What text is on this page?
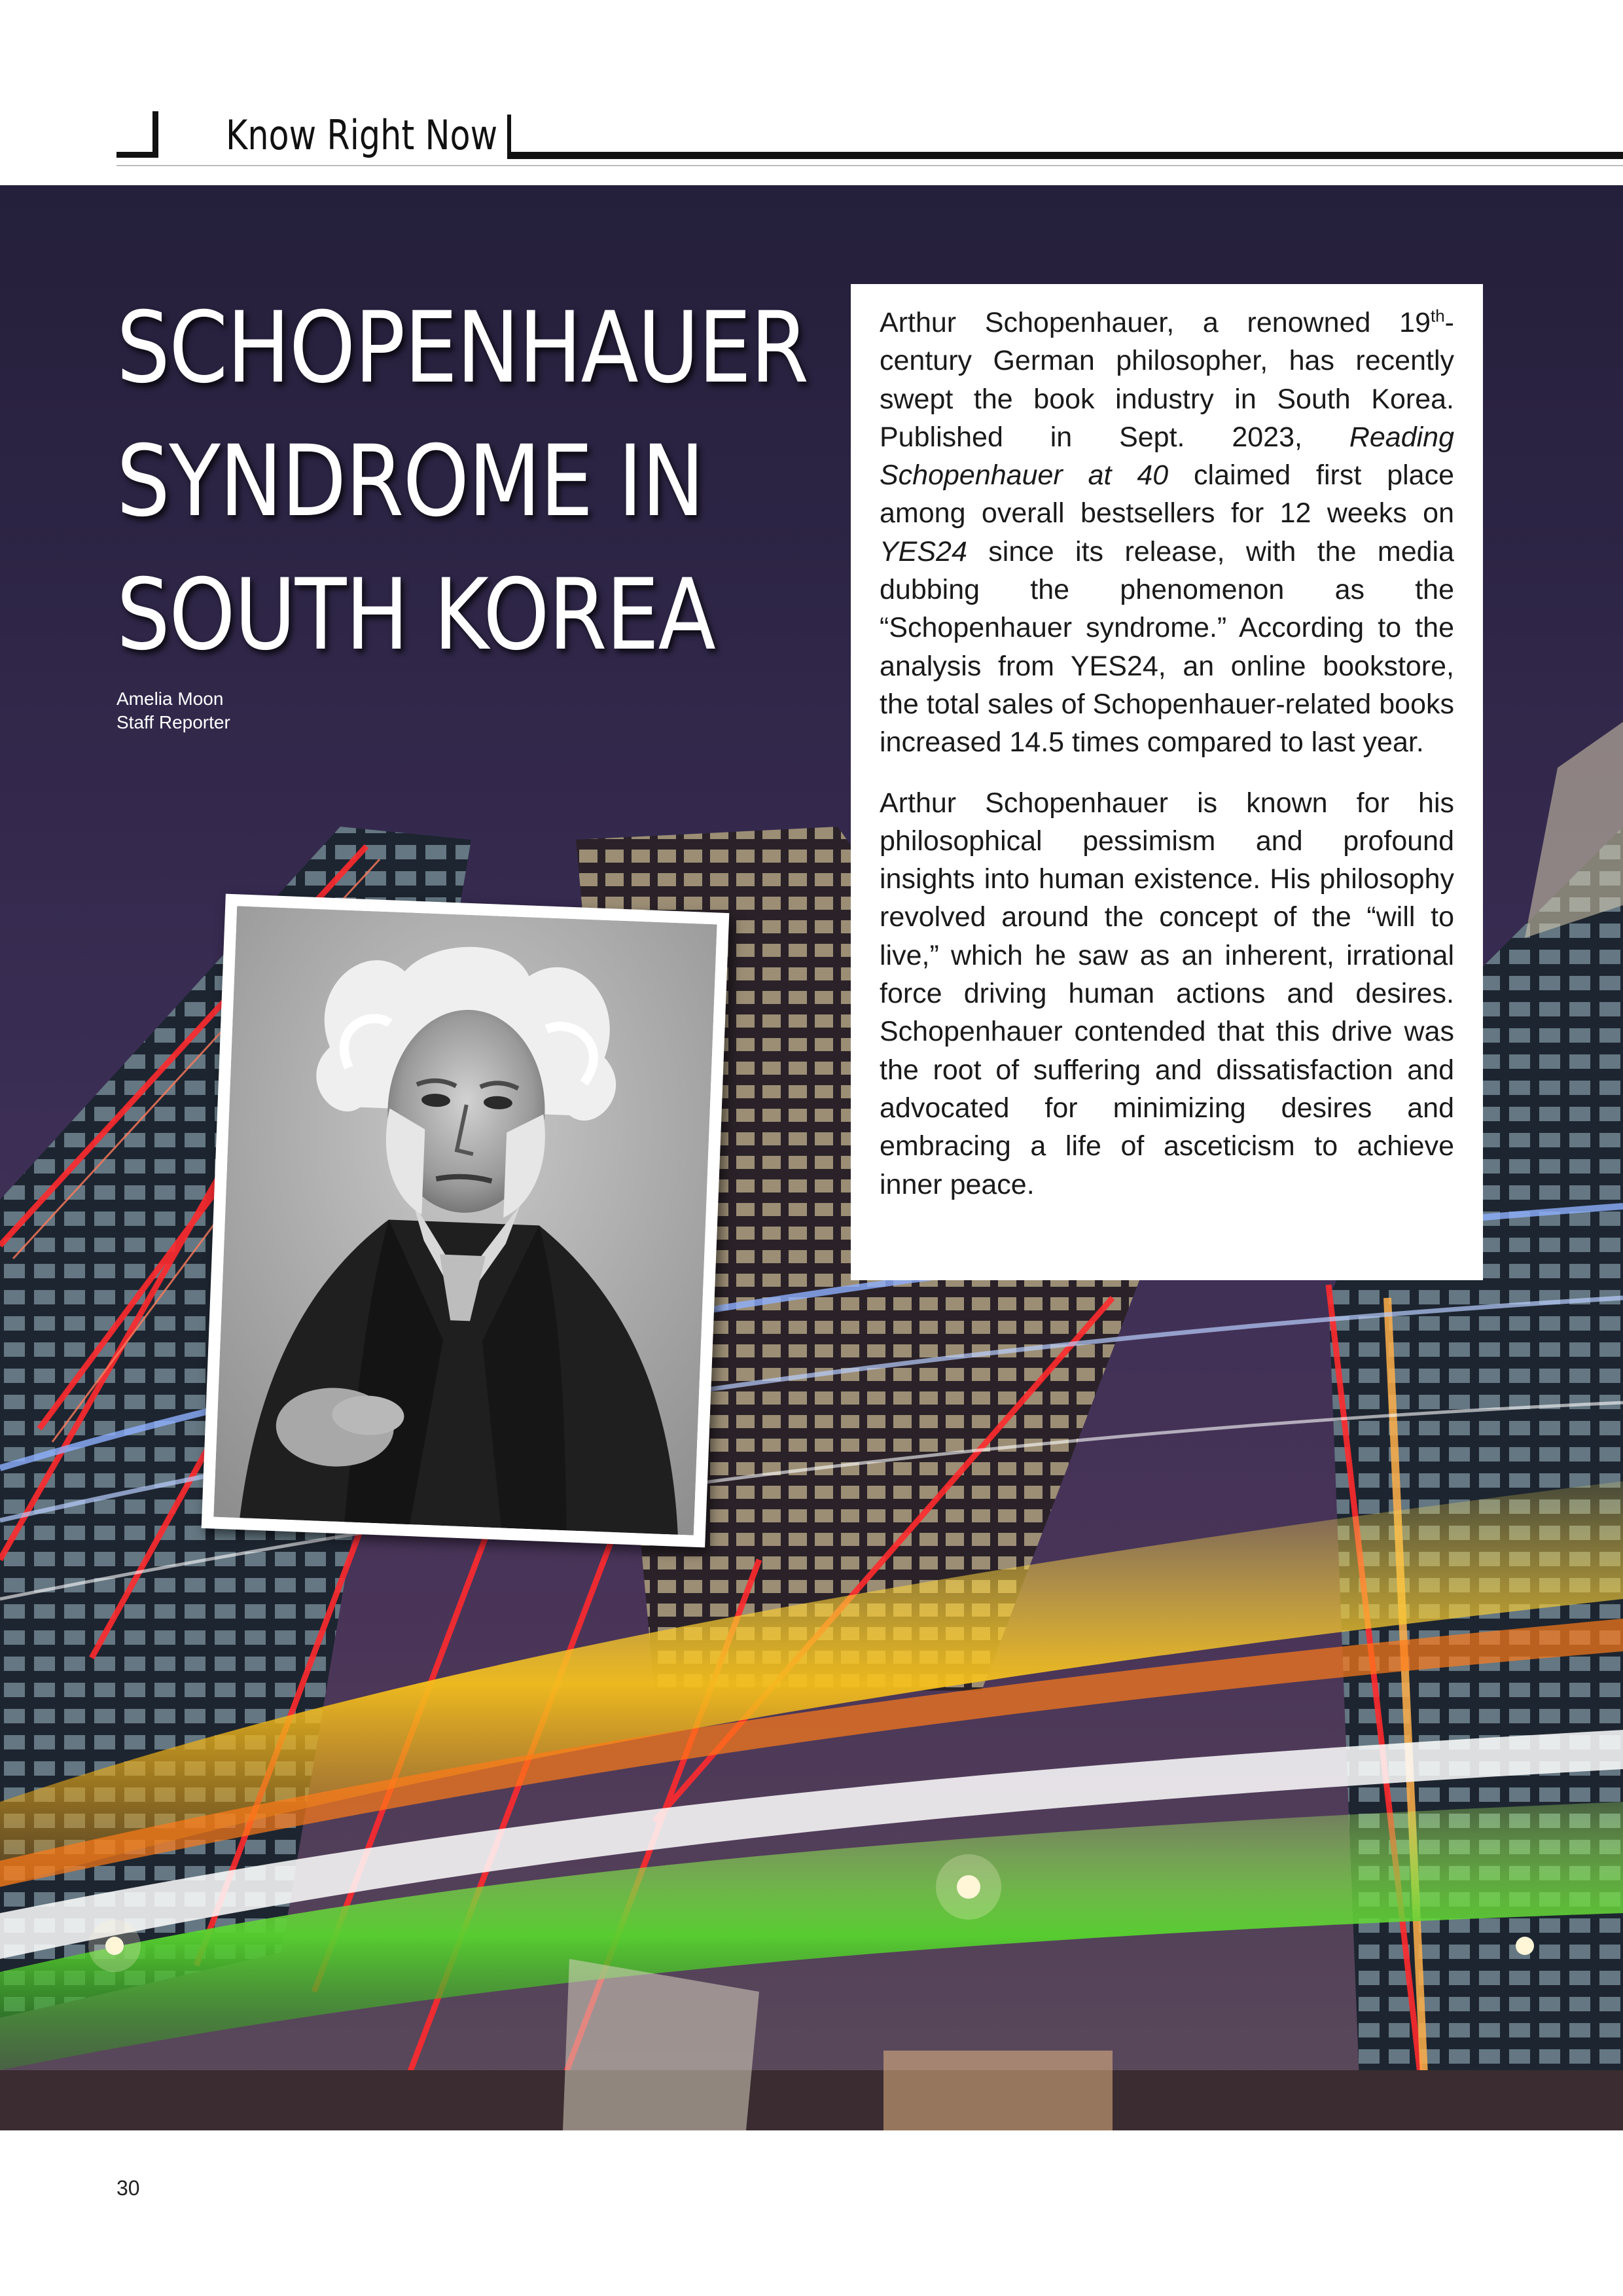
Know Right Now
SCHOPENHAUER
SYNDROME IN
SOUTH KOREA
Amelia Moon
Staff Reporter

Arthur Schopenhauer, a renowned 19th-century German philosopher, has recently swept the book industry in South Korea. Published in Sept. 2023, Reading Schopenhauer at 40 claimed first place among overall bestsellers for 12 weeks on YES24 since its release, with the media dubbing the phenomenon as the “Schopenhauer syndrome.” According to the analysis from YES24, an online bookstore, the total sales of Schopenhauer-related books increased 14.5 times compared to last year.

Arthur Schopenhauer is known for his philosophical pessimism and profound insights into human existence. His philosophy revolved around the concept of the “will to live,” which he saw as an inherent, irrational force driving human actions and desires. Schopenhauer contended that this drive was the root of suffering and dissatisfaction and advocated for minimizing desires and embracing a life of asceticism to achieve inner peace.

30
